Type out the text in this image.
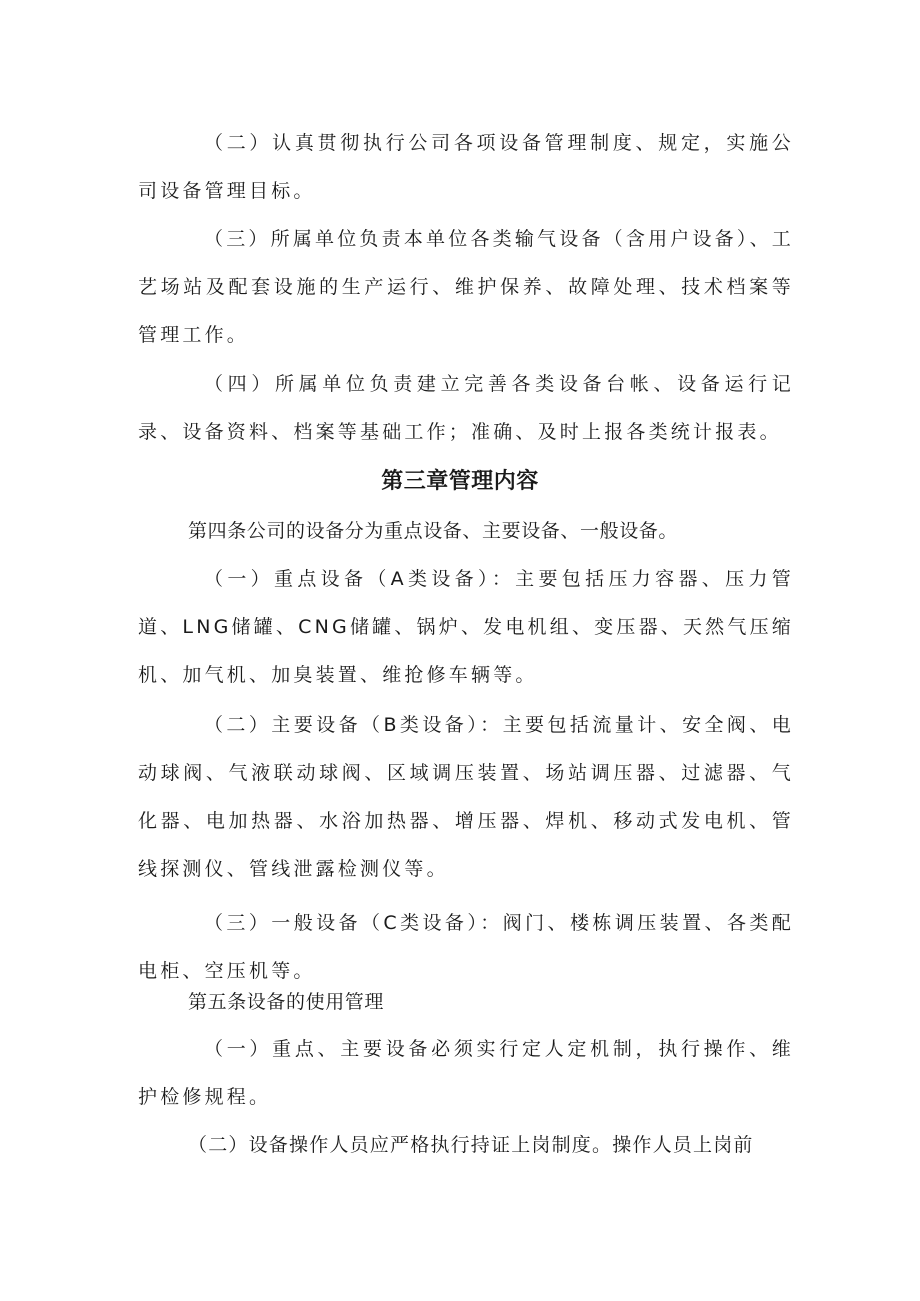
（二）认真贯彻执行公司各项设备管理制度、规定，实施公司设备管理目标。

（三）所属单位负责本单位各类输气设备（含用户设备）、工艺场站及配套设施的生产运行、维护保养、故障处理、技术档案等管理工作。

（四）所属单位负责建立完善各类设备台帐、设备运行记录、设备资料、档案等基础工作；准确、及时上报各类统计报表。

第三章管理内容

第四条公司的设备分为重点设备、主要设备、一般设备。

（一）重点设备（A类设备）：主要包括压力容器、压力管道、LNG储罐、CNG储罐、锅炉、发电机组、变压器、天然气压缩机、加气机、加臭装置、维抢修车辆等。

（二）主要设备（B类设备）：主要包括流量计、安全阀、电动球阀、气液联动球阀、区域调压装置、场站调压器、过滤器、气化器、电加热器、水浴加热器、增压器、焊机、移动式发电机、管线探测仪、管线泄露检测仪等。

（三）一般设备（C类设备）：阀门、楼栋调压装置、各类配电柜、空压机等。

第五条设备的使用管理

（一）重点、主要设备必须实行定人定机制，执行操作、维护检修规程。

（二）设备操作人员应严格执行持证上岗制度。操作人员上岗前
